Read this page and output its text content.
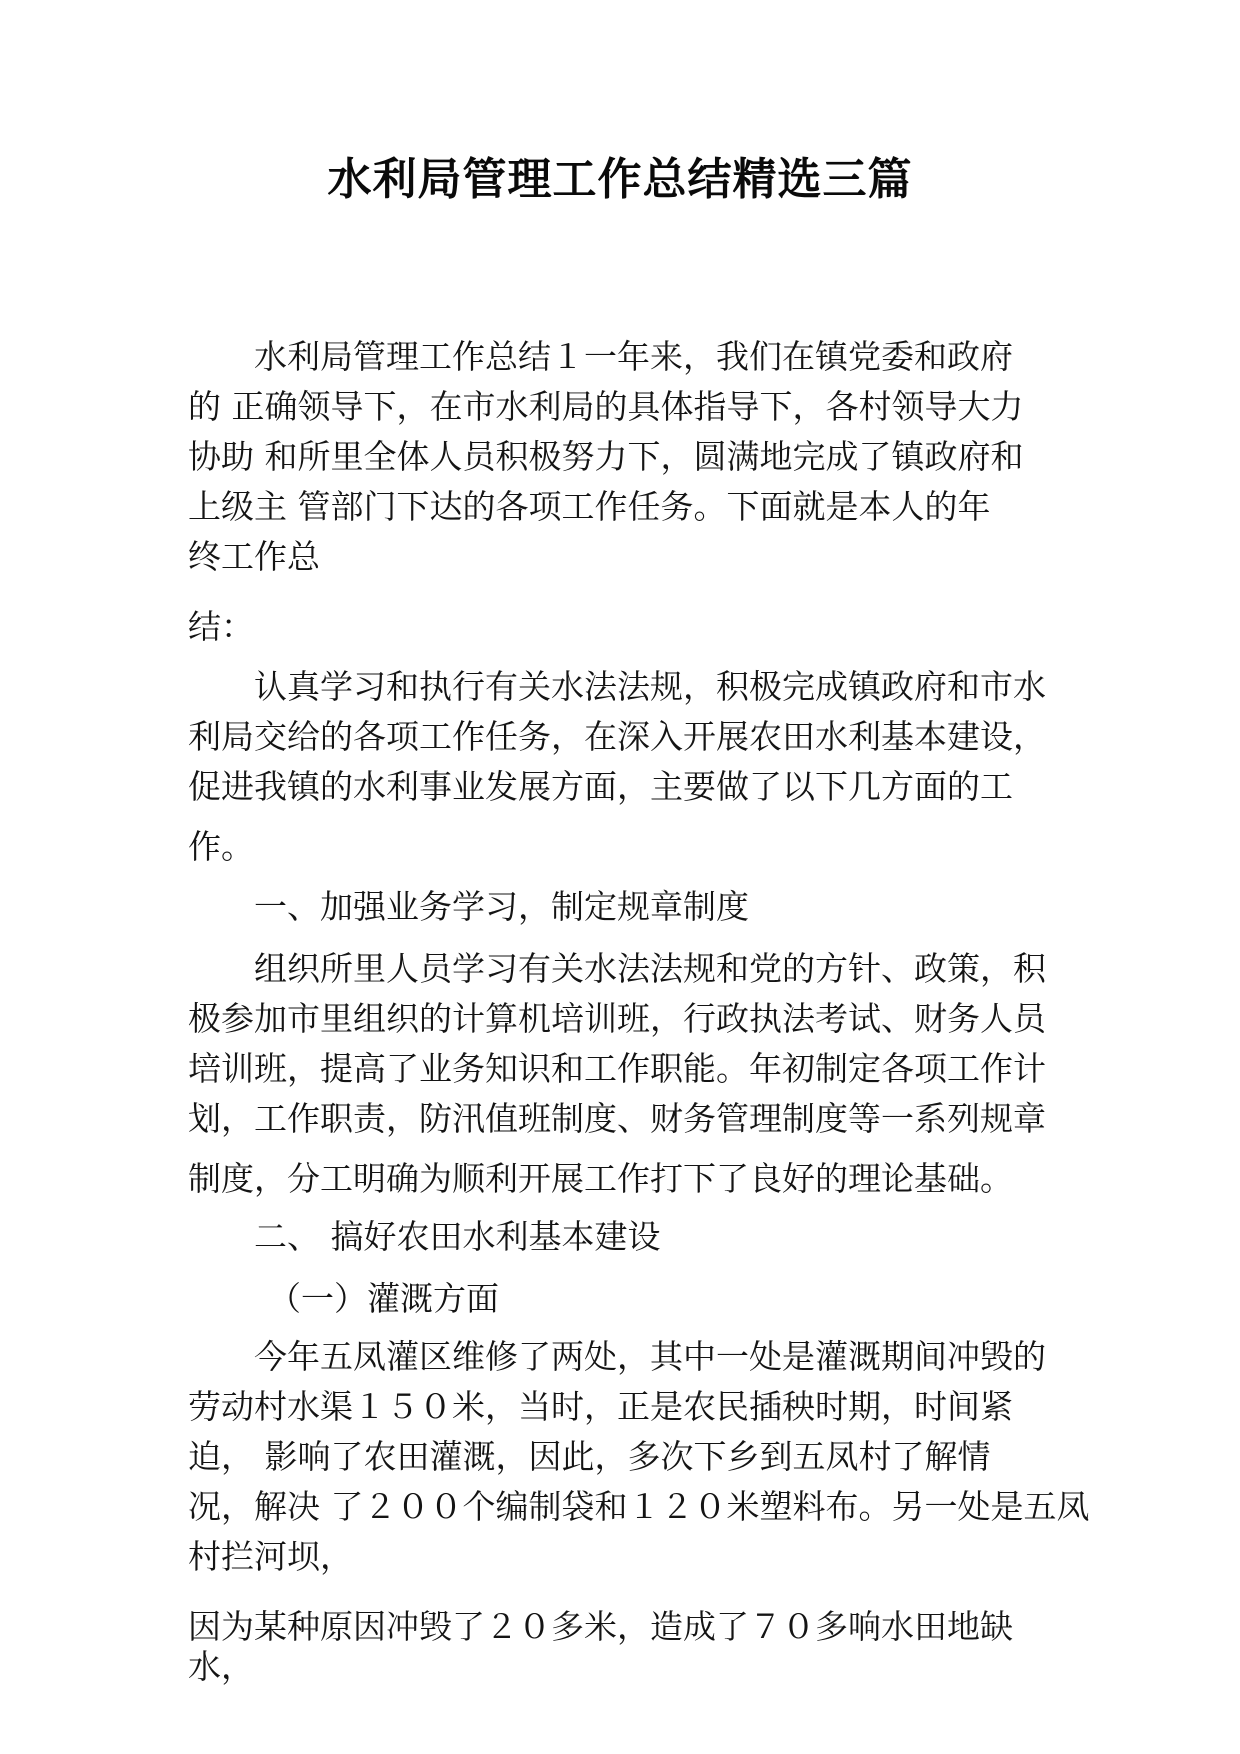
水利局管理工作总结精选三篇
水利局管理工作总结１一年来，我们在镇党委和政府
的 正确领导下，在市水利局的具体指导下，各村领导大力
协助 和所里全体人员积极努力下，圆满地完成了镇政府和
上级主 管部门下达的各项工作任务。下面就是本人的年
终工作总
结：
认真学习和执行有关水法法规，积极完成镇政府和市水
利局交给的各项工作任务，在深入开展农田水利基本建设，
促进我镇的水利事业发展方面，主要做了以下几方面的工
作。
一、加强业务学习，制定规章制度
组织所里人员学习有关水法法规和党的方针、政策，积
极参加市里组织的计算机培训班，行政执法考试、财务人员
培训班，提高了业务知识和工作职能。年初制定各项工作计
划，工作职责，防汛值班制度、财务管理制度等一系列规章
制度，分工明确为顺利开展工作打下了良好的理论基础。
二、 搞好农田水利基本建设
（一）灌溉方面
今年五凤灌区维修了两处，其中一处是灌溉期间冲毁的
劳动村水渠１５０米，当时，正是农民插秧时期，时间紧
迫， 影响了农田灌溉，因此，多次下乡到五凤村了解情
况，解决 了２００个编制袋和１２０米塑料布。另一处是五凤
村拦河坝，
因为某种原因冲毁了２０多米，造成了７０多响水田地缺
水，
